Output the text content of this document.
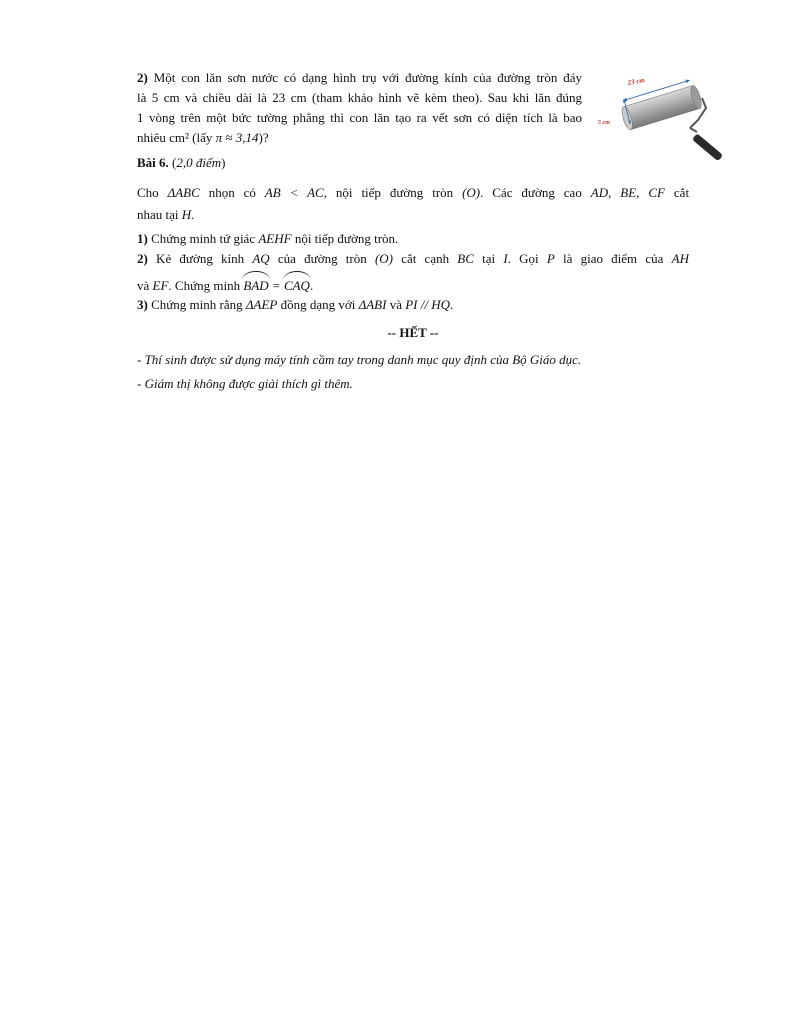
2) Một con lăn sơn nước có dạng hình trụ với đường kính của đường tròn đáy
là 5 cm và chiều dài là 23 cm (tham khảo hình vẽ kèm theo). Sau khi lăn đúng
1 vòng trên một bức tường phẳng thì con lăn tạo ra vết sơn có diện tích là bao
nhiêu cm² (lấy π ≈ 3,14)?
23 cm
5 cm
Bài 6. (2,0 điểm)
Cho ΔABC nhọn có AB < AC, nội tiếp đường tròn (O). Các đường cao AD, BE, CF cắt
nhau tại H.
1) Chứng minh tứ giác AEHF nội tiếp đường tròn.
2) Kẻ đường kính AQ của đường tròn (O) cắt cạnh BC tại I. Gọi P là giao điểm của AH
và EF. Chứng minh BAD = CAQ.
3) Chứng minh rằng ΔAEP đồng dạng với ΔABI và PI // HQ.
-- HẾT --
- Thí sinh được sử dụng máy tính cầm tay trong danh mục quy định của Bộ Giáo dục.
- Giám thị không được giải thích gì thêm.
